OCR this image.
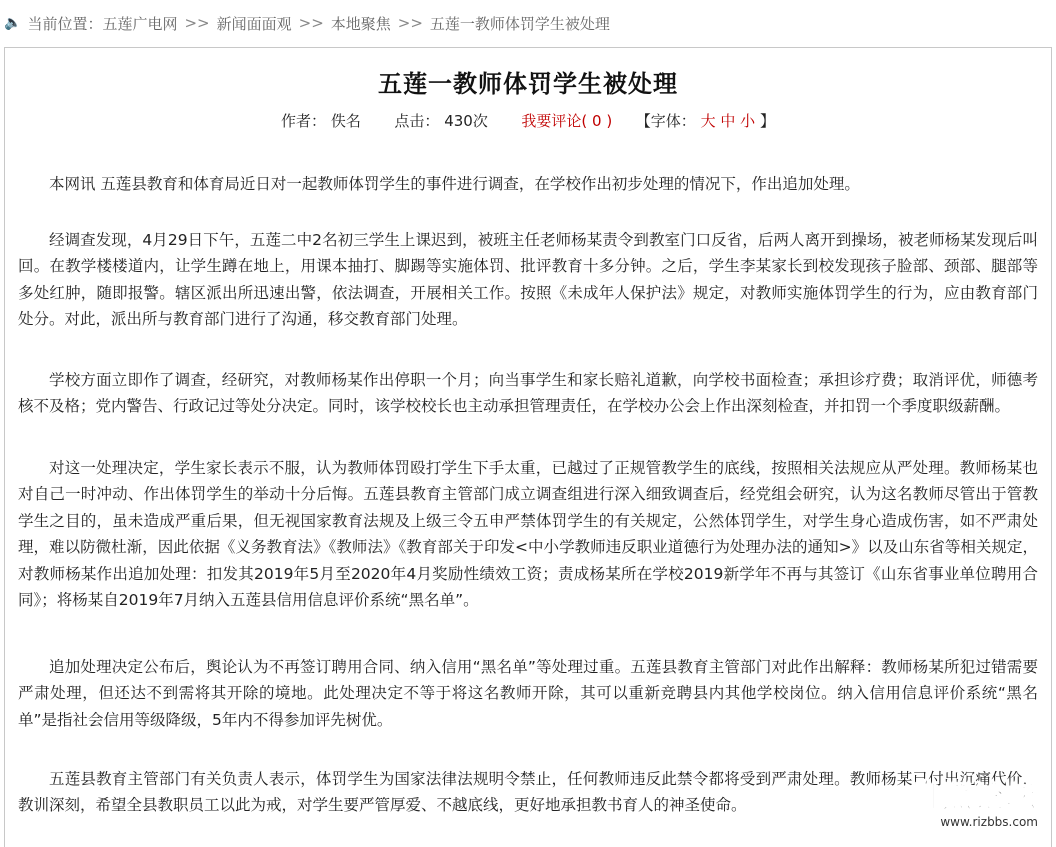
🔈 当前位置： 五莲广电网 >> 新闻面面观 >> 本地聚焦 >> 五莲一教师体罚学生被处理
五莲一教师体罚学生被处理
作者： 佚名 点击： 430次 我要评论( 0 ) 【字体： 大 中 小 】

本网讯 五莲县教育和体育局近日对一起教师体罚学生的事件进行调查，在学校作出初步处理的情况下，作出追加处理。

经调查发现，4月29日下午，五莲二中2名初三学生上课迟到，被班主任老师杨某责令到教室门口反省，后两人离开到操场，被老师杨某发现后叫回。在教学楼楼道内，让学生蹲在地上，用课本抽打、脚踢等实施体罚、批评教育十多分钟。之后，学生李某家长到校发现孩子脸部、颈部、腿部等多处红肿，随即报警。辖区派出所迅速出警，依法调查，开展相关工作。按照《未成年人保护法》规定，对教师实施体罚学生的行为，应由教育部门处分。对此，派出所与教育部门进行了沟通，移交教育部门处理。

学校方面立即作了调查，经研究，对教师杨某作出停职一个月；向当事学生和家长赔礼道歉，向学校书面检查；承担诊疗费；取消评优，师德考核不及格；党内警告、行政记过等处分决定。同时，该学校校长也主动承担管理责任，在学校办公会上作出深刻检查，并扣罚一个季度职级薪酬。

对这一处理决定，学生家长表示不服，认为教师体罚殴打学生下手太重，已越过了正规管教学生的底线，按照相关法规应从严处理。教师杨某也对自己一时冲动、作出体罚学生的举动十分后悔。五莲县教育主管部门成立调查组进行深入细致调查后，经党组会研究，认为这名教师尽管出于管教学生之目的，虽未造成严重后果，但无视国家教育法规及上级三令五申严禁体罚学生的有关规定，公然体罚学生，对学生身心造成伤害，如不严肃处理，难以防微杜渐，因此依据《义务教育法》《教师法》《教育部关于印发<中小学教师违反职业道德行为处理办法的通知>》以及山东省等相关规定，对教师杨某作出追加处理：扣发其2019年5月至2020年4月奖励性绩效工资；责成杨某所在学校2019新学年不再与其签订《山东省事业单位聘用合同》；将杨某自2019年7月纳入五莲县信用信息评价系统“黑名单”。

追加处理决定公布后，舆论认为不再签订聘用合同、纳入信用“黑名单”等处理过重。五莲县教育主管部门对此作出解释：教师杨某所犯过错需要严肃处理，但还达不到需将其开除的境地。此处理决定不等于将这名教师开除，其可以重新竞聘县内其他学校岗位。纳入信用信息评价系统“黑名单”是指社会信用等级降级，5年内不得参加评先树优。

五莲县教育主管部门有关负责人表示，体罚学生为国家法律法规明令禁止，任何教师违反此禁令都将受到严肃处理。教师杨某已付出沉痛代价，教训深刻，希望全县教职员工以此为戒，对学生要严管厚爱、不越底线，更好地承担教书育人的神圣使命。	日照论坛
www.rizbbs.com
